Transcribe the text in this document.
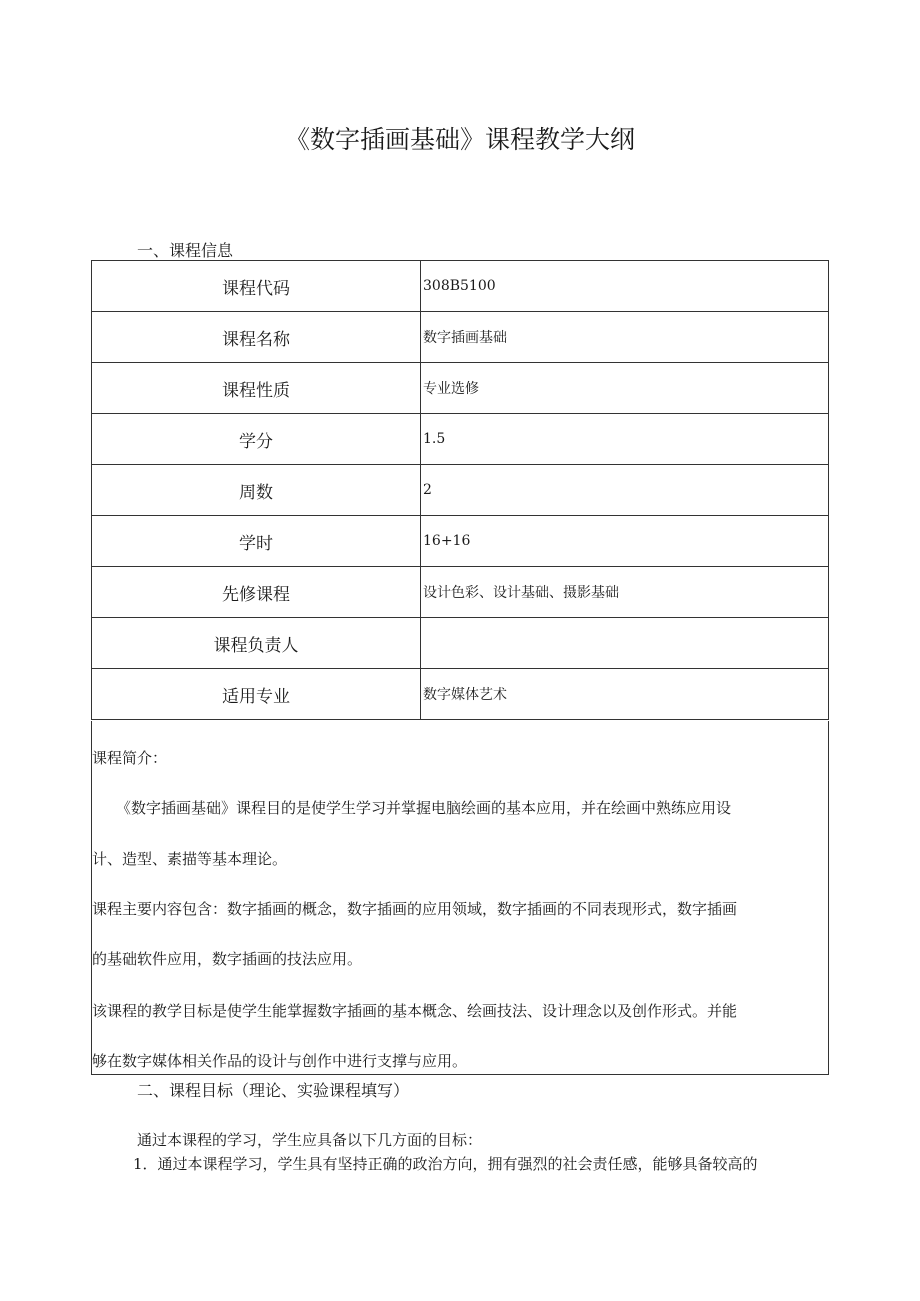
《数字插画基础》课程教学大纲
一、课程信息
课程代码	308B5100
课程名称	数字插画基础
课程性质	专业选修
学分	1.5
周数	2
学时	16+16
先修课程	设计色彩、设计基础、摄影基础
课程负责人	
适用专业	数字媒体艺术

课程简介：

《数字插画基础》课程目的是使学生学习并掌握电脑绘画的基本应用，并在绘画中熟练应用设

计、造型、素描等基本理论。

课程主要内容包含：数字插画的概念，数字插画的应用领域，数字插画的不同表现形式，数字插画

的基础软件应用，数字插画的技法应用。

该课程的教学目标是使学生能掌握数字插画的基本概念、绘画技法、设计理念以及创作形式。并能

够在数字媒体相关作品的设计与创作中进行支撑与应用。

二、课程目标（理论、实验课程填写）
通过本课程的学习，学生应具备以下几方面的目标：
1．通过本课程学习，学生具有坚持正确的政治方向，拥有强烈的社会责任感，能够具备较高的
